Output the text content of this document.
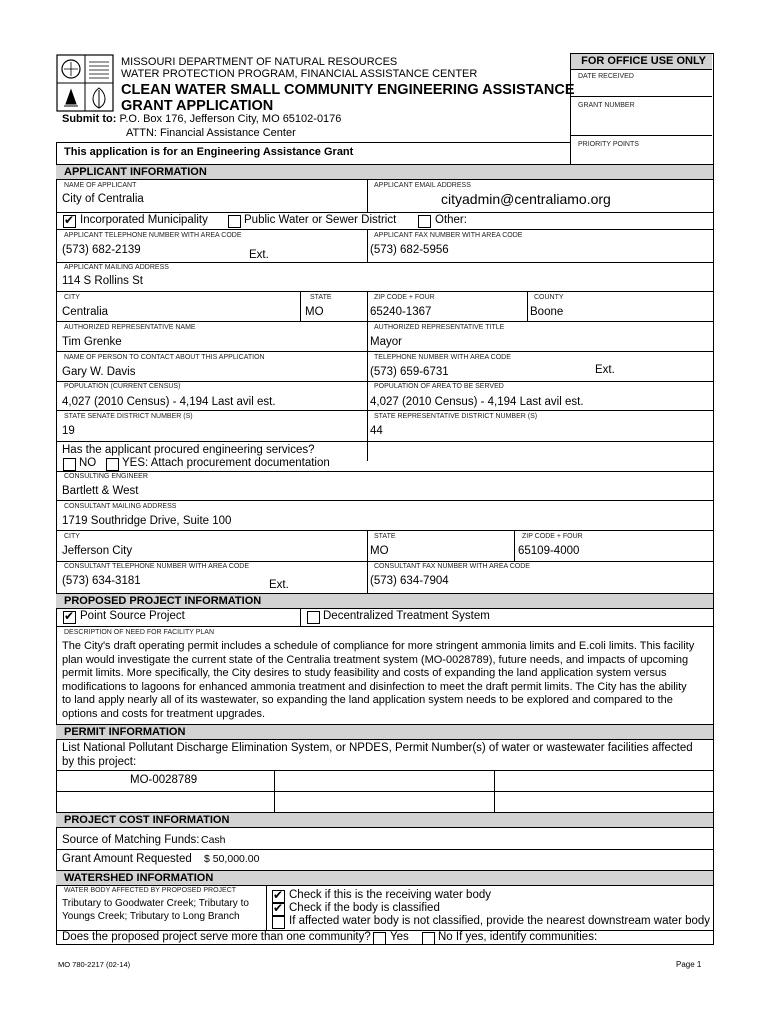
MISSOURI DEPARTMENT OF NATURAL RESOURCES
WATER PROTECTION PROGRAM, FINANCIAL ASSISTANCE CENTER
CLEAN WATER SMALL COMMUNITY ENGINEERING ASSISTANCE
GRANT APPLICATION
Submit to: P.O. Box 176, Jefferson City, MO 65102-0176
ATTN: Financial Assistance Center
FOR OFFICE USE ONLY
DATE RECEIVED
GRANT NUMBER
PRIORITY POINTS
This application is for an Engineering Assistance Grant
APPLICANT INFORMATION
NAME OF APPLICANT
City of Centralia
APPLICANT EMAIL ADDRESS
cityadmin@centraliamo.org
✔
Incorporated Municipality	Public Water or Sewer District	Other:
APPLICANT TELEPHONE NUMBER WITH AREA CODE
(573) 682-2139	Ext.
APPLICANT FAX NUMBER WITH AREA CODE
(573) 682-5956
APPLICANT MAILING ADDRESS
114 S Rollins St
CITY
Centralia
STATE
MO
ZIP CODE + FOUR
65240-1367
COUNTY
Boone
AUTHORIZED REPRESENTATIVE NAME
Tim Grenke
AUTHORIZED REPRESENTATIVE TITLE
Mayor
NAME OF PERSON TO CONTACT ABOUT THIS APPLICATION
Gary W. Davis
TELEPHONE NUMBER WITH AREA CODE
(573) 659-6731	Ext.
POPULATION (CURRENT CENSUS)
4,027 (2010 Census) - 4,194 Last avil est.
POPULATION OF AREA TO BE SERVED
4,027 (2010 Census) - 4,194 Last avil est.
STATE SENATE DISTRICT NUMBER (S)
19
STATE REPRESENTATIVE DISTRICT NUMBER (S)
44
Has the applicant procured engineering services?
NO YES: Attach procurement documentation
CONSULTING ENGINEER
Bartlett & West
CONSULTANT MAILING ADDRESS
1719 Southridge Drive, Suite 100
CITY
Jefferson City
STATE
MO
ZIP CODE + FOUR
65109-4000
CONSULTANT TELEPHONE NUMBER WITH AREA CODE
(573) 634-3181	Ext.
CONSULTANT FAX NUMBER WITH AREA CODE
(573) 634-7904
PROPOSED PROJECT INFORMATION
✔
Point Source Project	Decentralized Treatment System
DESCRIPTION OF NEED FOR FACILITY PLAN
The City's draft operating permit includes a schedule of compliance for more stringent ammonia limits and E.coli limits. This facility
plan would investigate the current state of the Centralia treatment system (MO-0028789), future needs, and impacts of upcoming
permit limits. More specifically, the City desires to study feasibility and costs of expanding the land application system versus
modifications to lagoons for enhanced ammonia treatment and disinfection to meet the draft permit limits. The City has the ability
to land apply nearly all of its wastewater, so expanding the land application system needs to be explored and compared to the
options and costs for treatment upgrades.
PERMIT INFORMATION
List National Pollutant Discharge Elimination System, or NPDES, Permit Number(s) of water or wastewater facilities affected
by this project:
MO-0028789
PROJECT COST INFORMATION
Source of Matching Funds: Cash
Grant Amount Requested $ 50,000.00
WATERSHED INFORMATION
WATER BODY AFFECTED BY PROPOSED PROJECT
Tributary to Goodwater Creek; Tributary to
Youngs Creek; Tributary to Long Branch
✔
Check if this is the receiving water body
✔
Check if the body is classified
If affected water body is not classified, provide the nearest downstream water body
Does the proposed project serve more than one community? Yes	No If yes, identify communities:
MO 780-2217 (02-14)	Page 1
